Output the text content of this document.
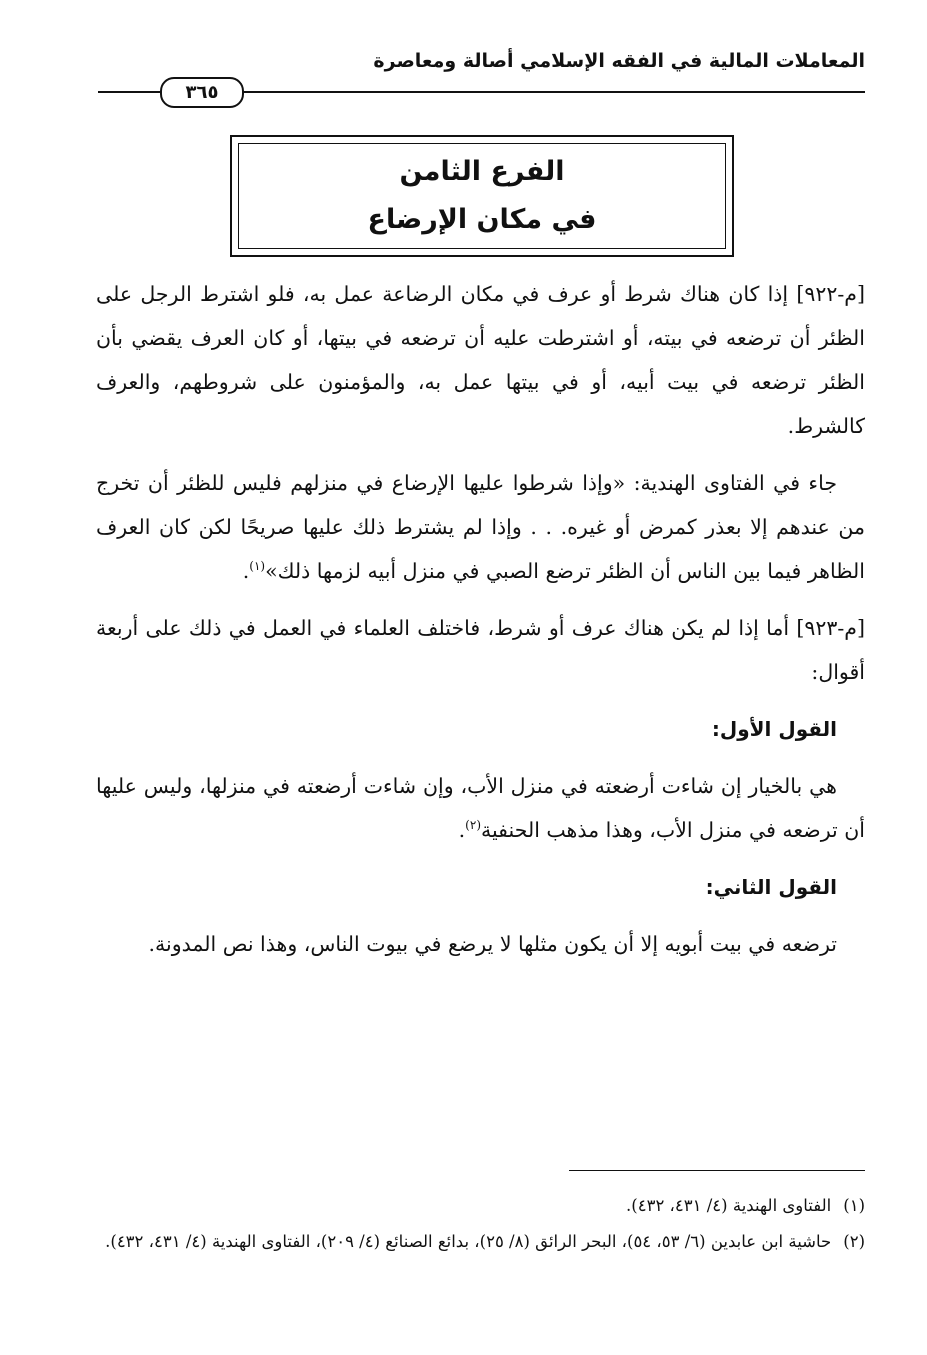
المعاملات المالية في الفقه الإسلامي أصالة ومعاصرة
٣٦٥
الفرع الثامن
في مكان الإرضاع

[م-٩٢٢] إذا كان هناك شرط أو عرف في مكان الرضاعة عمل به، فلو اشترط الرجل على الظئر أن ترضعه في بيته، أو اشترطت عليه أن ترضعه في بيتها، أو كان العرف يقضي بأن الظئر ترضعه في بيت أبيه، أو في بيتها عمل به، والمؤمنون على شروطهم، والعرف كالشرط.

جاء في الفتاوى الهندية: «وإذا شرطوا عليها الإرضاع في منزلهم فليس للظئر أن تخرج من عندهم إلا بعذر كمرض أو غيره. . . وإذا لم يشترط ذلك عليها صريحًا لكن كان العرف الظاهر فيما بين الناس أن الظئر ترضع الصبي في منزل أبيه لزمها ذلك»$^{(١)}$.

[م-٩٢٣] أما إذا لم يكن هناك عرف أو شرط، فاختلف العلماء في العمل في ذلك على أربعة أقوال:

القول الأول:

هي بالخيار إن شاءت أرضعته في منزل الأب، وإن شاءت أرضعته في منزلها، وليس عليها أن ترضعه في منزل الأب، وهذا مذهب الحنفية$^{(٢)}$.

القول الثاني:

ترضعه في بيت أبويه إلا أن يكون مثلها لا يرضع في بيوت الناس، وهذا نص المدونة.

(١)
الفتاوى الهندية (٤/ ٤٣١، ٤٣٢).
(٢)
حاشية ابن عابدين (٦/ ٥٣، ٥٤)، البحر الرائق (٨/ ٢٥)، بدائع الصنائع (٤/ ٢٠٩)، الفتاوى الهندية (٤/ ٤٣١، ٤٣٢).
